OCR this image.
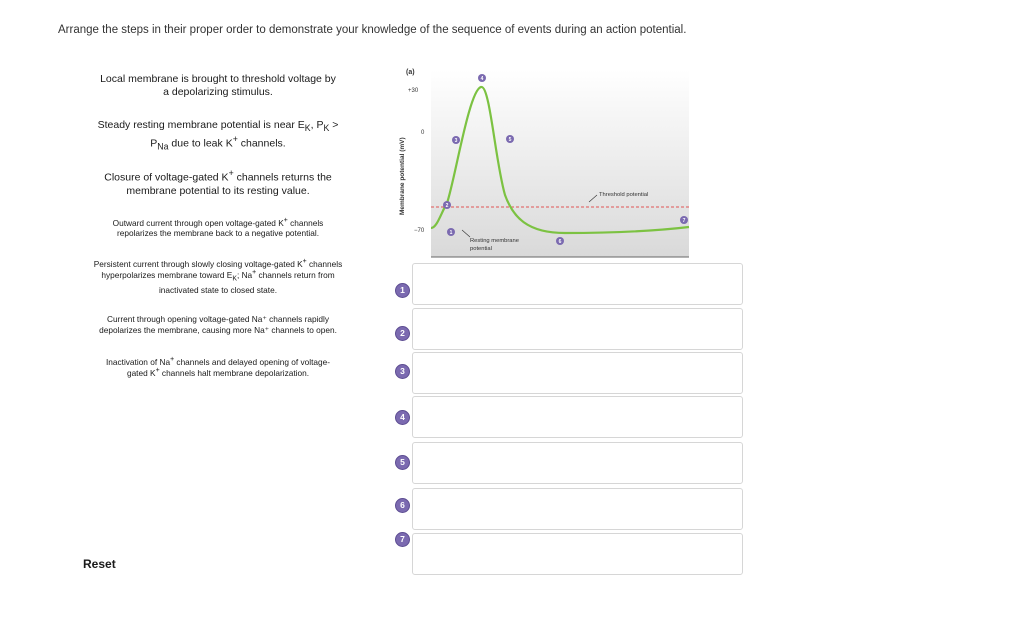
Arrange the steps in their proper order to demonstrate your knowledge of the sequence of events during an action potential.

Local membrane is brought to threshold voltage by
a depolarizing stimulus.
Steady resting membrane potential is near $E_K$, $P_K$ >
$P_{Na}$ due to leak K+ channels.
Closure of voltage-gated K+ channels returns the
membrane potential to its resting value.
Outward current through open voltage-gated K+ channels
repolarizes the membrane back to a negative potential.
Persistent current through slowly closing voltage-gated K+ channels
hyperpolarizes membrane toward $E_K$; Na+ channels return from
inactivated state to closed state.
Current through opening voltage-gated Na⁺ channels rapidly
depolarizes the membrane, causing more Na⁺ channels to open.
Inactivation of Na+ channels and delayed opening of voltage-
gated K+ channels halt membrane depolarization.
Reset
(a)
+30
0
−70
Membrane potential (mV)	Threshold potential
Resting membrane
potential
1
2
3
4
5
6
7
1
2
3
4
5
6
7
